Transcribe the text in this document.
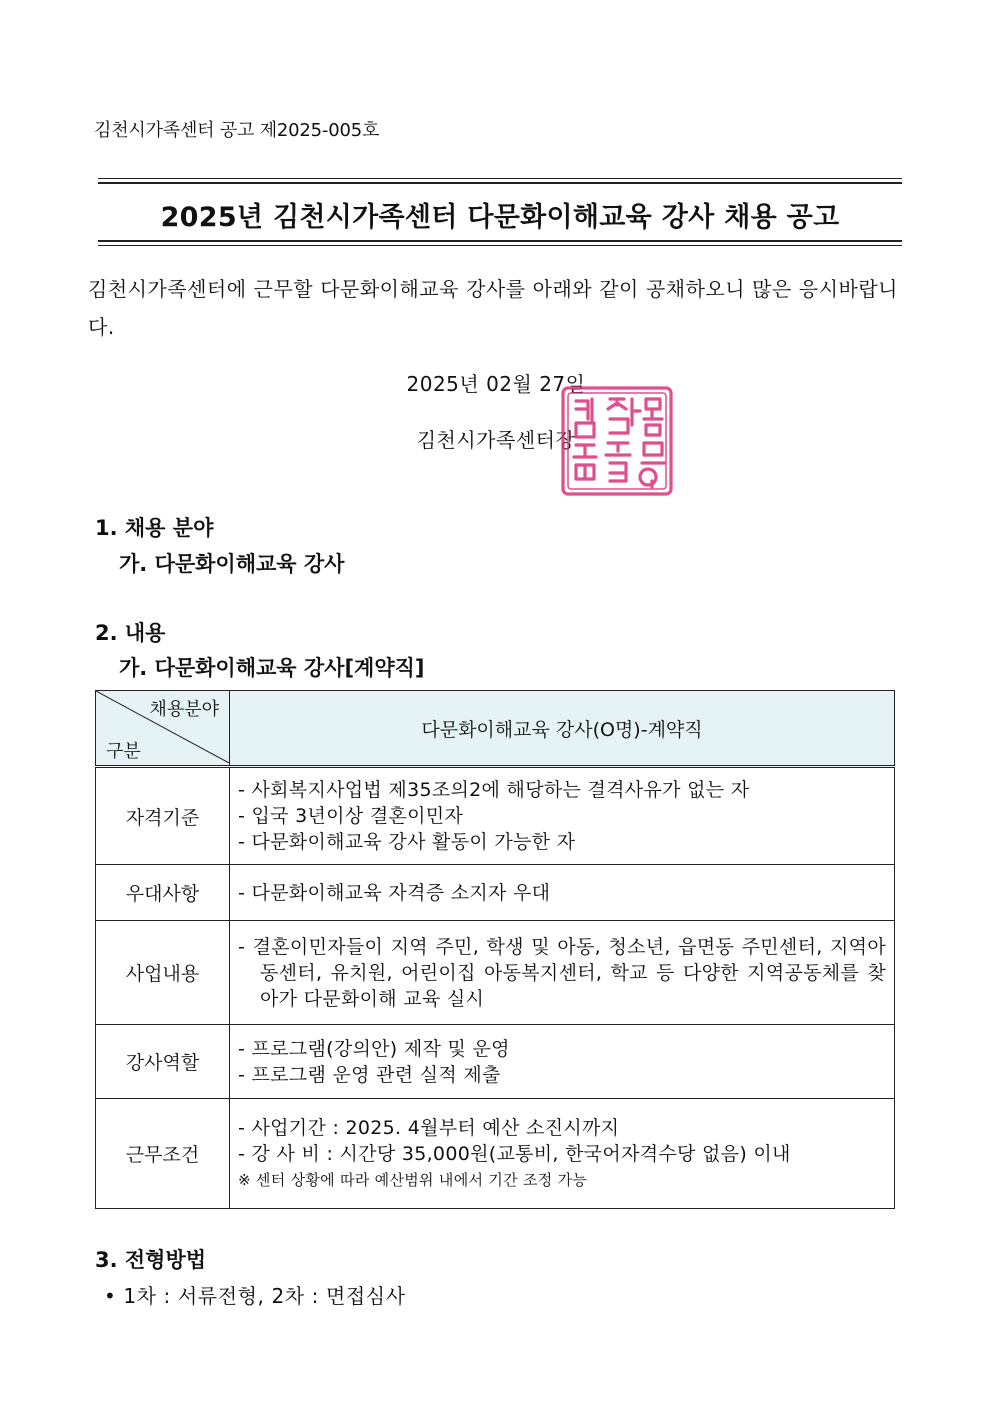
김천시가족센터 공고 제2025-005호
2025년 김천시가족센터 다문화이해교육 강사 채용 공고
김천시가족센터에 근무할 다문화이해교육 강사를 아래와 같이 공채하오니 많은 응시바랍니다.
2025년 02월 27일
김천시가족센터장
1. 채용 분야
가. 다문화이해교육 강사
2. 내용
가. 다문화이해교육 강사[계약직]
채용분야
구분	다문화이해교육 강사(O명)-계약직
자격기준	- 사회복지사업법 제35조의2에 해당하는 결격사유가 없는 자
- 입국 3년이상 결혼이민자
- 다문화이해교육 강사 활동이 가능한 자

우대사항	- 다문화이해교육 자격증 소지자 우대

사업내용	- 결혼이민자들이 지역 주민, 학생 및 아동, 청소년, 읍면동 주민센터, 지역아동센터, 유치원, 어린이집 아동복지센터, 학교 등 다양한 지역공동체를 찾아가 다문화이해 교육 실시

강사역할	- 프로그램(강의안) 제작 및 운영
- 프로그램 운영 관련 실적 제출

근무조건	- 사업기간 : 2025. 4월부터 예산 소진시까지
- 강 사 비 : 시간당 35,000원(교통비, 한국어자격수당 없음) 이내
※ 센터 상황에 따라 예산범위 내에서 기간 조정 가능
3. 전형방법
• 1차 : 서류전형, 2차 : 면접심사
